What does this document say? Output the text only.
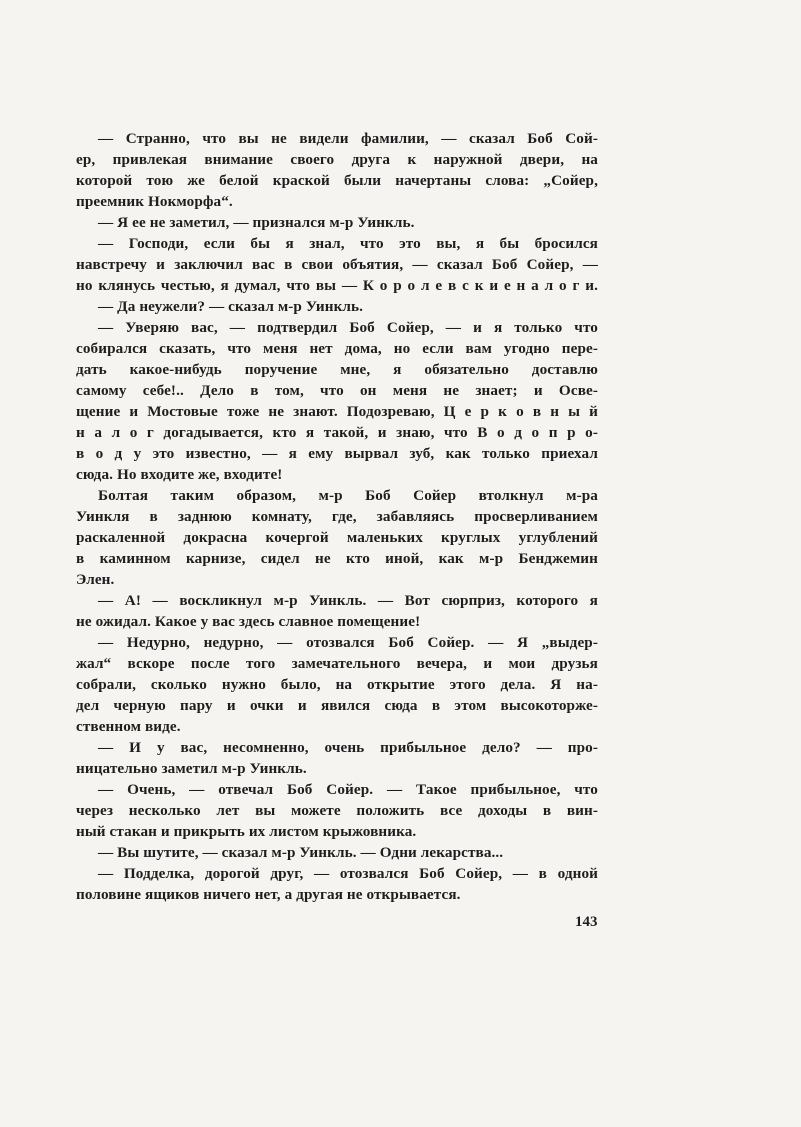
— Странно, что вы не видели фамилии, — сказал Боб Сой-
ер, привлекая внимание своего друга к наружной двери, на
которой тою же белой краской были начертаны слова: „Сойер,
преемник Нокморфа“.
— Я ее не заметил, — признался м-р Уинкль.
— Господи, если бы я знал, что это вы, я бы бросился
навстречу и заключил вас в свои объятия, — сказал Боб Сойер, —
но клянусь честью, я думал, что вы — К о р о л е в с к и е н а л о г и.
— Да неужели? — сказал м-р Уинкль.
— Уверяю вас, — подтвердил Боб Сойер, — и я только что
собирался сказать, что меня нет дома, но если вам угодно пере-
дать какое-нибудь поручение мне, я обязательно доставлю
самому себе!.. Дело в том, что он меня не знает; и Осве-
щение и Мостовые тоже не знают. Подозреваю, Ц е р к о в н ы й
н а л о г догадывается, кто я такой, и знаю, что В о д о п р о-
в о д у это известно, — я ему вырвал зуб, как только приехал
сюда. Но входите же, входите!
Болтая таким образом, м-р Боб Сойер втолкнул м-ра
Уинкля в заднюю комнату, где, забавляясь просверливанием
раскаленной докрасна кочергой маленьких круглых углублений
в каминном карнизе, сидел не кто иной, как м-р Бенджемин
Элен.
— А! — воскликнул м-р Уинкль. — Вот сюрприз, которого я
не ожидал. Какое у вас здесь славное помещение!
— Недурно, недурно, — отозвался Боб Сойер. — Я „выдер-
жал“ вскоре после того замечательного вечера, и мои друзья
собрали, сколько нужно было, на открытие этого дела. Я на-
дел черную пару и очки и явился сюда в этом высокоторже-
ственном виде.
— И у вас, несомненно, очень прибыльное дело? — про-
ницательно заметил м-р Уинкль.
— Очень, — отвечал Боб Сойер. — Такое прибыльное, что
через несколько лет вы можете положить все доходы в вин-
ный стакан и прикрыть их листом крыжовника.
— Вы шутите, — сказал м-р Уинкль. — Одни лекарства...
— Подделка, дорогой друг, — отозвался Боб Сойер, — в одной
половине ящиков ничего нет, а другая не открывается.
143
